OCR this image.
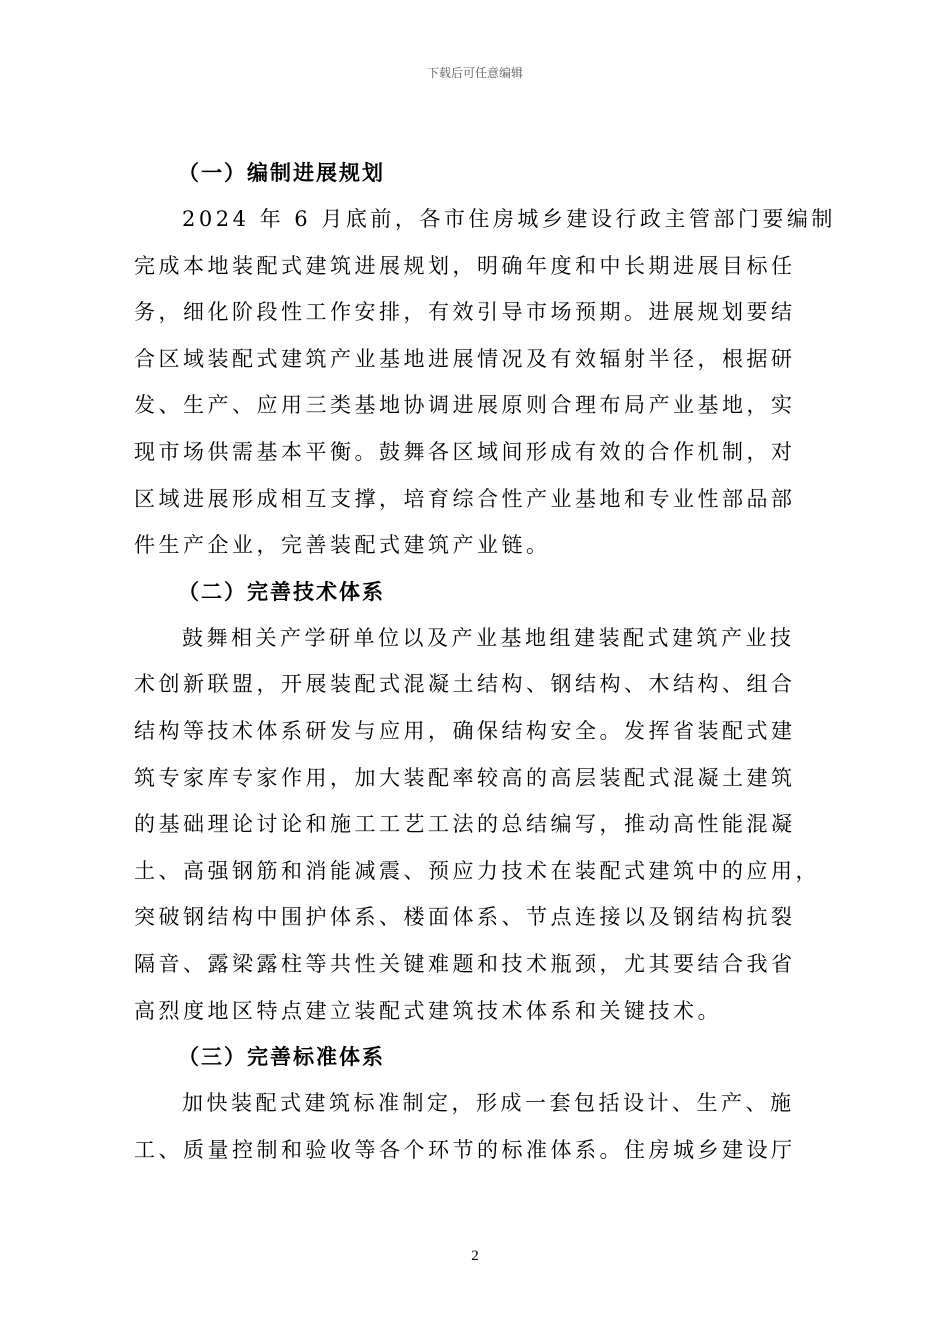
下载后可任意编辑
（一）编制进展规划
2024 年 6 月底前，各市住房城乡建设行政主管部门要编制
完成本地装配式建筑进展规划，明确年度和中长期进展目标任
务，细化阶段性工作安排，有效引导市场预期。进展规划要结
合区域装配式建筑产业基地进展情况及有效辐射半径，根据研
发、生产、应用三类基地协调进展原则合理布局产业基地，实
现市场供需基本平衡。鼓舞各区域间形成有效的合作机制，对
区域进展形成相互支撑，培育综合性产业基地和专业性部品部
件生产企业，完善装配式建筑产业链。
（二）完善技术体系
鼓舞相关产学研单位以及产业基地组建装配式建筑产业技
术创新联盟，开展装配式混凝土结构、钢结构、木结构、组合
结构等技术体系研发与应用，确保结构安全。发挥省装配式建
筑专家库专家作用，加大装配率较高的高层装配式混凝土建筑
的基础理论讨论和施工工艺工法的总结编写，推动高性能混凝
土、高强钢筋和消能减震、预应力技术在装配式建筑中的应用，
突破钢结构中围护体系、楼面体系、节点连接以及钢结构抗裂
隔音、露梁露柱等共性关键难题和技术瓶颈，尤其要结合我省
高烈度地区特点建立装配式建筑技术体系和关键技术。
（三）完善标准体系
加快装配式建筑标准制定，形成一套包括设计、生产、施
工、质量控制和验收等各个环节的标准体系。住房城乡建设厅
2
